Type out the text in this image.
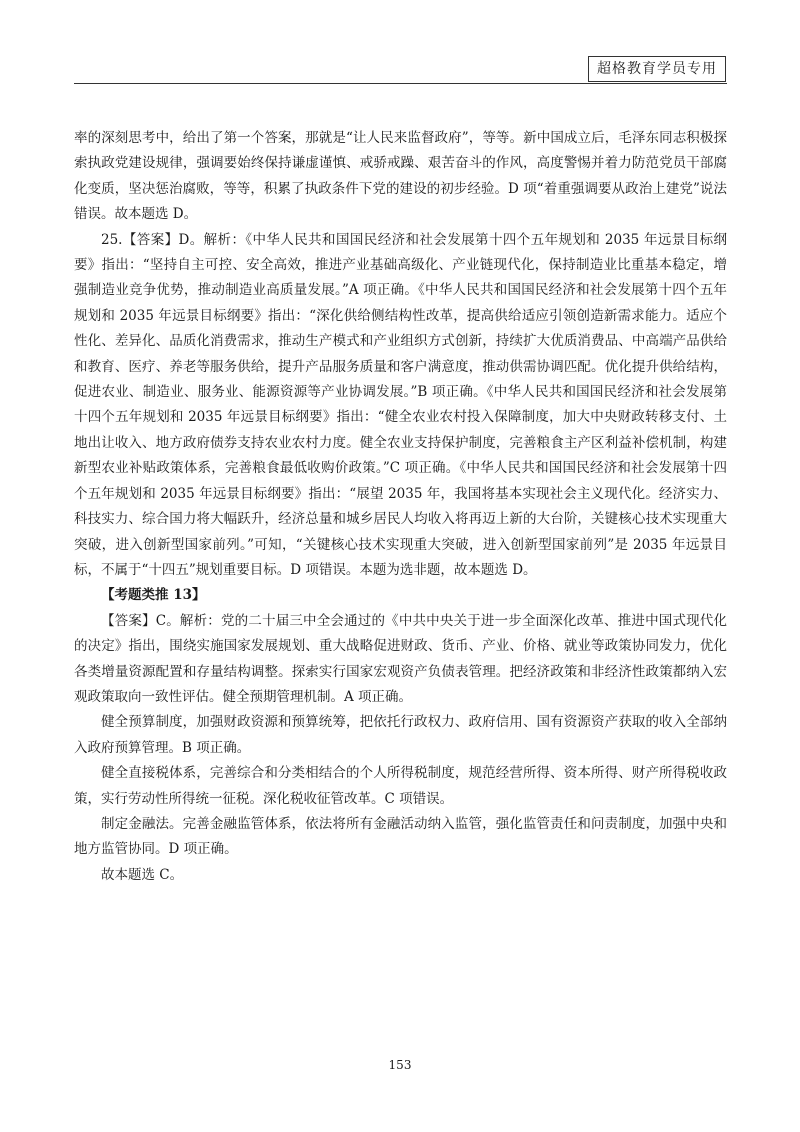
超格教育学员专用

率的深刻思考中，给出了第一个答案，那就是“让人民来监督政府”，等等。新中国成立后，毛泽东同志积极探索执政党建设规律，强调要始终保持谦虚谨慎、戒骄戒躁、艰苦奋斗的作风，高度警惕并着力防范党员干部腐化变质，坚决惩治腐败，等等，积累了执政条件下党的建设的初步经验。D 项“着重强调要从政治上建党”说法错误。故本题选 D。

25.【答案】D。解析：《中华人民共和国国民经济和社会发展第十四个五年规划和 2035 年远景目标纲要》指出：“坚持自主可控、安全高效，推进产业基础高级化、产业链现代化，保持制造业比重基本稳定，增强制造业竞争优势，推动制造业高质量发展。”A 项正确。《中华人民共和国国民经济和社会发展第十四个五年规划和 2035 年远景目标纲要》指出：“深化供给侧结构性改革，提高供给适应引领创造新需求能力。适应个性化、差异化、品质化消费需求，推动生产模式和产业组织方式创新，持续扩大优质消费品、中高端产品供给和教育、医疗、养老等服务供给，提升产品服务质量和客户满意度，推动供需协调匹配。优化提升供给结构，促进农业、制造业、服务业、能源资源等产业协调发展。”B 项正确。《中华人民共和国国民经济和社会发展第十四个五年规划和 2035 年远景目标纲要》指出：“健全农业农村投入保障制度，加大中央财政转移支付、土地出让收入、地方政府债券支持农业农村力度。健全农业支持保护制度，完善粮食主产区利益补偿机制，构建新型农业补贴政策体系，完善粮食最低收购价政策。”C 项正确。《中华人民共和国国民经济和社会发展第十四个五年规划和 2035 年远景目标纲要》指出：“展望 2035 年，我国将基本实现社会主义现代化。经济实力、科技实力、综合国力将大幅跃升，经济总量和城乡居民人均收入将再迈上新的大台阶，关键核心技术实现重大突破，进入创新型国家前列。”可知，“关键核心技术实现重大突破，进入创新型国家前列”是 2035 年远景目标，不属于“十四五”规划重要目标。D 项错误。本题为选非题，故本题选 D。

【考题类推 13】

【答案】C。解析：党的二十届三中全会通过的《中共中央关于进一步全面深化改革、推进中国式现代化的决定》指出，围绕实施国家发展规划、重大战略促进财政、货币、产业、价格、就业等政策协同发力，优化各类增量资源配置和存量结构调整。探索实行国家宏观资产负债表管理。把经济政策和非经济性政策都纳入宏观政策取向一致性评估。健全预期管理机制。A 项正确。

健全预算制度，加强财政资源和预算统筹，把依托行政权力、政府信用、国有资源资产获取的收入全部纳入政府预算管理。B 项正确。

健全直接税体系，完善综合和分类相结合的个人所得税制度，规范经营所得、资本所得、财产所得税收政策，实行劳动性所得统一征税。深化税收征管改革。C 项错误。

制定金融法。完善金融监管体系，依法将所有金融活动纳入监管，强化监管责任和问责制度，加强中央和地方监管协同。D 项正确。

故本题选 C。

153
